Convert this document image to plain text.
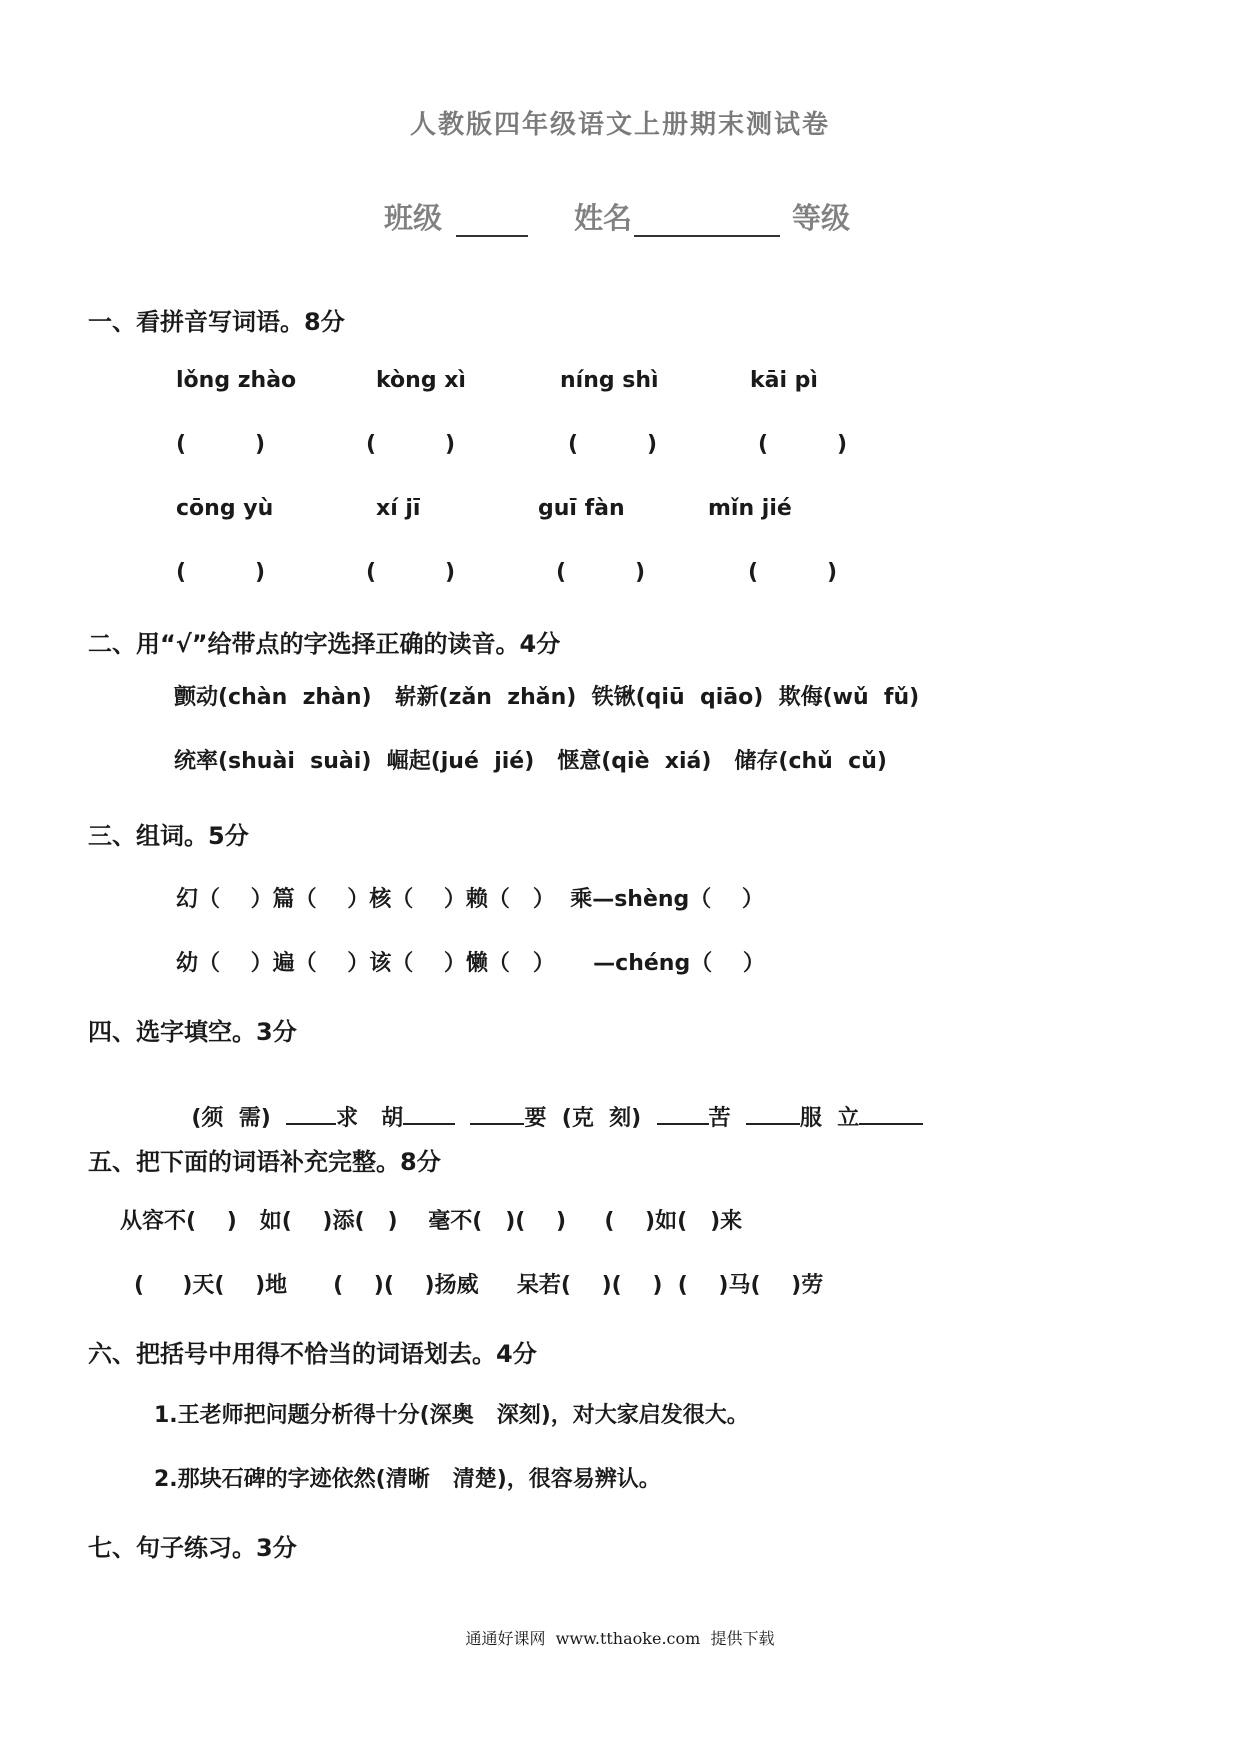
人教版四年级语文上册期末测试卷
班级	姓名	等级
一、看拼音写词语。8分
lǒng zhào	kòng xì	níng shì	kāi pì
(         )	(         )	(         )	(         )
cōng yù	xí jī	guī fàn	mǐn jié
(         )	(         )	(         )	(         )
二、用“√”给带点的字选择正确的读音。4分
颤动(chàn  zhàn)   崭新(zǎn  zhǎn)  铁锹(qiū  qiāo)  欺侮(wǔ  fǔ)
统率(shuài  suài)  崛起(jué  jié)   惬意(qiè  xiá)   储存(chǔ  cǔ)
三、组词。5分
幻（    ）篇（    ）核（    ）赖（   ）  乘—shèng（    ）
幼（    ）遍（    ）该（    ）懒（   ）     —chéng（    ）
四、选字填空。3分

(须  需)	求 胡	要 (克  刻)	苦	服 立

五、把下面的词语补充完整。8分
从容不(    )   如(    )添(   )    毫不(   )(    )     (    )如(   )来
(     )天(    )地      (    )(    )扬威     呆若(    )(    )  (    )马(    )劳
六、把括号中用得不恰当的词语划去。4分
1.王老师把问题分析得十分(深奥   深刻)，对大家启发很大。
2.那块石碑的字迹依然(清晰   清楚)，很容易辨认。
七、句子练习。3分
通通好课网  www.tthaoke.com  提供下载
